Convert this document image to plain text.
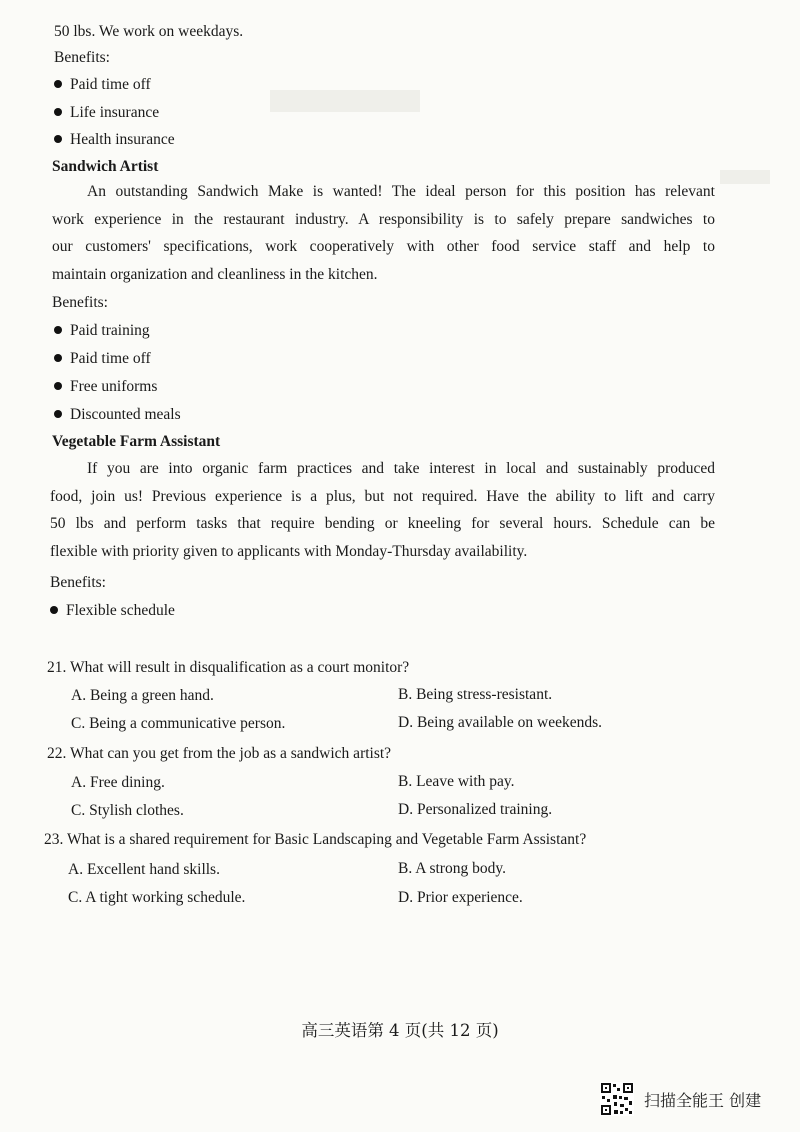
50 lbs. We work on weekdays.
Benefits:
Paid time off
Life insurance
Health insurance
Sandwich Artist
An outstanding Sandwich Make is wanted! The ideal person for this position has relevant
work experience in the restaurant industry. A responsibility is to safely prepare sandwiches to
our customers' specifications, work cooperatively with other food service staff and help to
maintain organization and cleanliness in the kitchen.
Benefits:
Paid training
Paid time off
Free uniforms
Discounted meals
Vegetable Farm Assistant
If you are into organic farm practices and take interest in local and sustainably produced
food, join us! Previous experience is a plus, but not required. Have the ability to lift and carry
50 lbs and perform tasks that require bending or kneeling for several hours. Schedule can be
flexible with priority given to applicants with Monday-Thursday availability.
Benefits:
Flexible schedule
21. What will result in disqualification as a court monitor?
A. Being a green hand.	B. Being stress-resistant.
C. Being a communicative person.	D. Being available on weekends.
22. What can you get from the job as a sandwich artist?
A. Free dining.	B. Leave with pay.
C. Stylish clothes.	D. Personalized training.
23. What is a shared requirement for Basic Landscaping and Vegetable Farm Assistant?
A. Excellent hand skills.	B. A strong body.
C. A tight working schedule.	D. Prior experience.
高三英语第 4 页(共 12 页)
扫描全能王 创建
